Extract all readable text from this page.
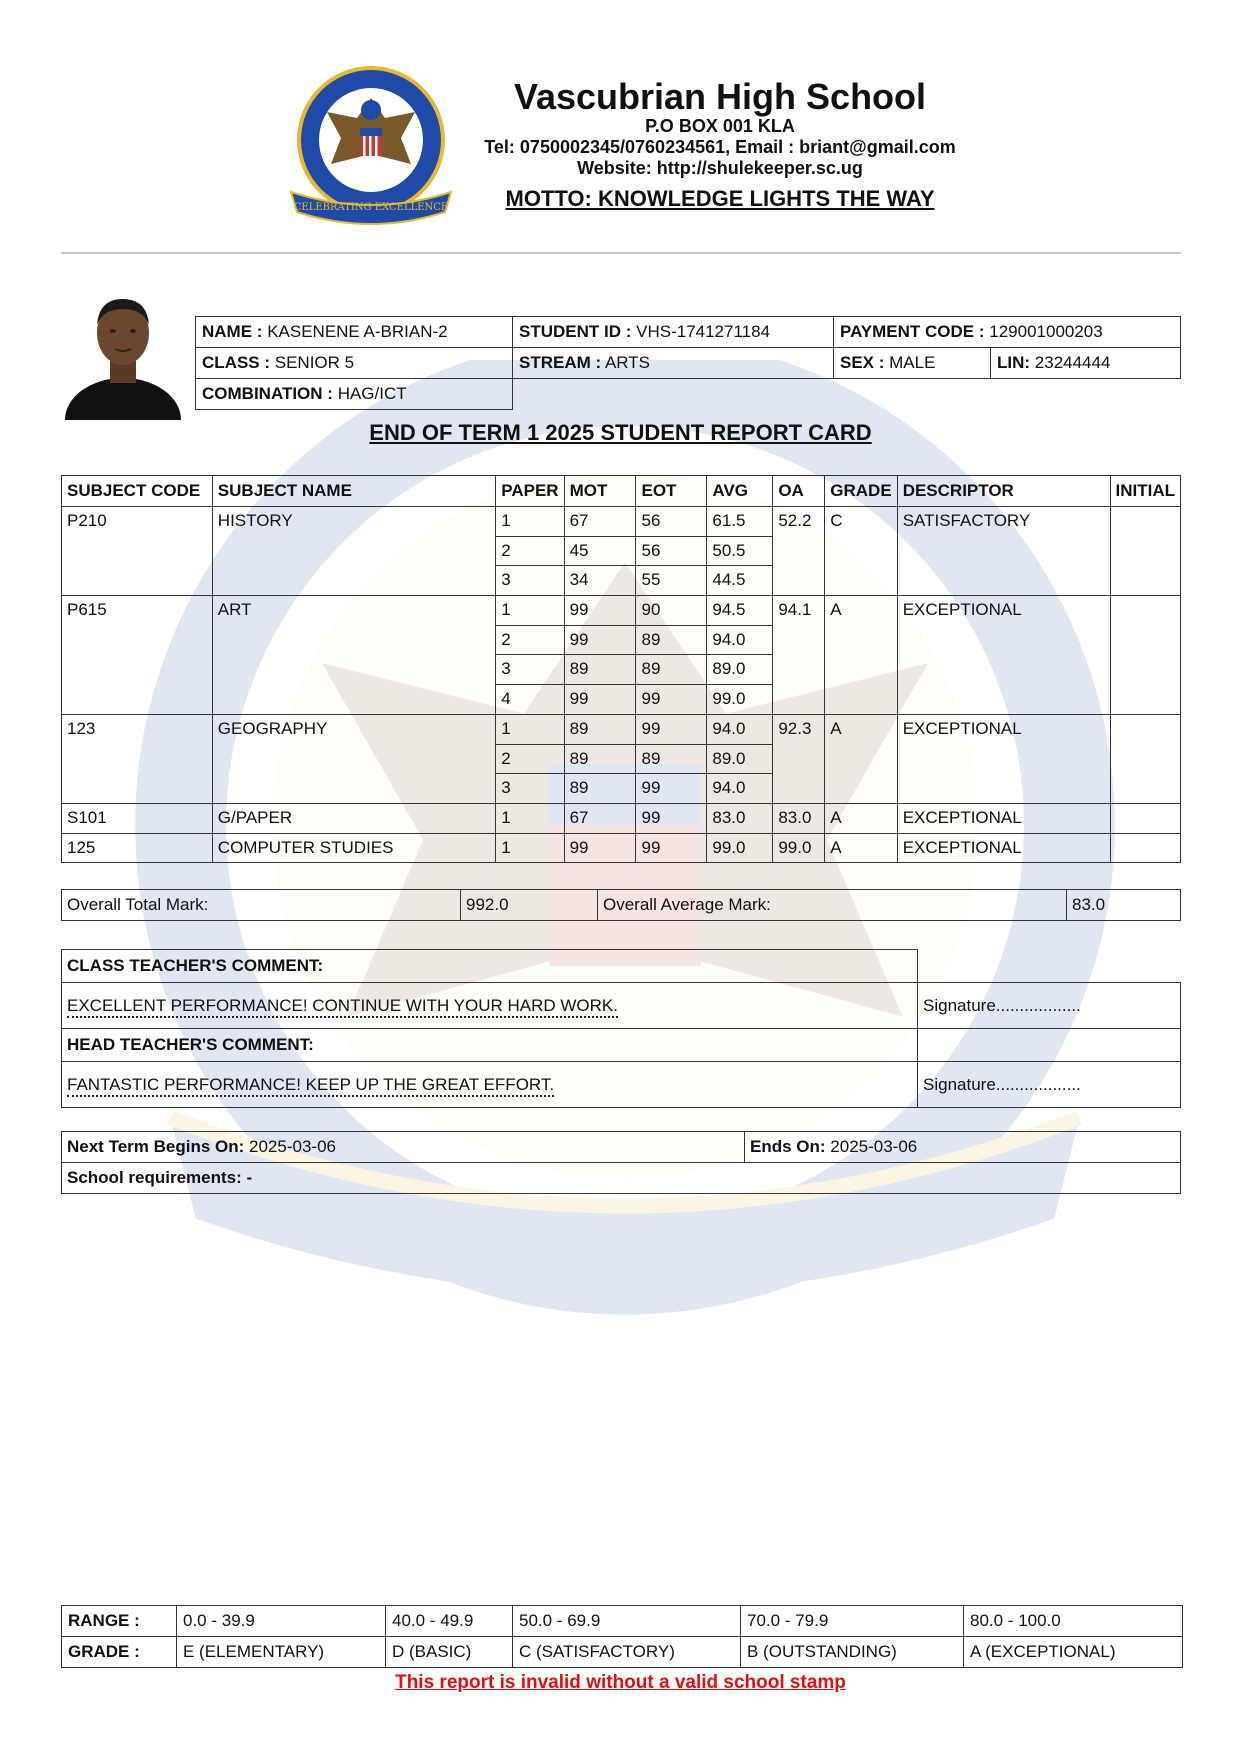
CELEBRATING EXCELLENCE
Vascubrian High School
P.O BOX 001 KLA
Tel: 0750002345/0760234561, Email : briant@gmail.com
Website: http://shulekeeper.sc.ug
MOTTO: KNOWLEDGE LIGHTS THE WAY
NAME : KASENENE A-BRIAN-2	STUDENT ID : VHS-1741271184	PAYMENT CODE : 129001000203	
CLASS : SENIOR 5	STREAM : ARTS	SEX : MALE	LIN: 23244444
COMBINATION : HAG/ICT			
END OF TERM 1 2025 STUDENT REPORT CARD
SUBJECT CODE	SUBJECT NAME	PAPER	MOT	EOT	AVG	OA	GRADE	DESCRIPTOR	INITIAL
P210	HISTORY	1	67	56	61.5	52.2	C	SATISFACTORY	
		2	45	56	50.5				
		3	34	55	44.5				
P615	ART	1	99	90	94.5	94.1	A	EXCEPTIONAL	
		2	99	89	94.0				
		3	89	89	89.0				
		4	99	99	99.0				
123	GEOGRAPHY	1	89	99	94.0	92.3	A	EXCEPTIONAL	
		2	89	89	89.0				
		3	89	99	94.0				
S101	G/PAPER	1	67	99	83.0	83.0	A	EXCEPTIONAL	
125	COMPUTER STUDIES	1	99	99	99.0	99.0	A	EXCEPTIONAL	
Overall Total Mark:	992.0	Overall Average Mark:	83.0
CLASS TEACHER'S COMMENT:	
EXCELLENT PERFORMANCE! CONTINUE WITH YOUR HARD WORK.	Signature..................
HEAD TEACHER'S COMMENT:	
FANTASTIC PERFORMANCE! KEEP UP THE GREAT EFFORT.	Signature..................
Next Term Begins On: 2025-03-06	Ends On: 2025-03-06
School requirements: -
RANGE :	0.0 - 39.9	40.0 - 49.9	50.0 - 69.9	70.0 - 79.9	80.0 - 100.0
GRADE :	E (ELEMENTARY)	D (BASIC)	C (SATISFACTORY)	B (OUTSTANDING)	A (EXCEPTIONAL)
This report is invalid without a valid school stamp
